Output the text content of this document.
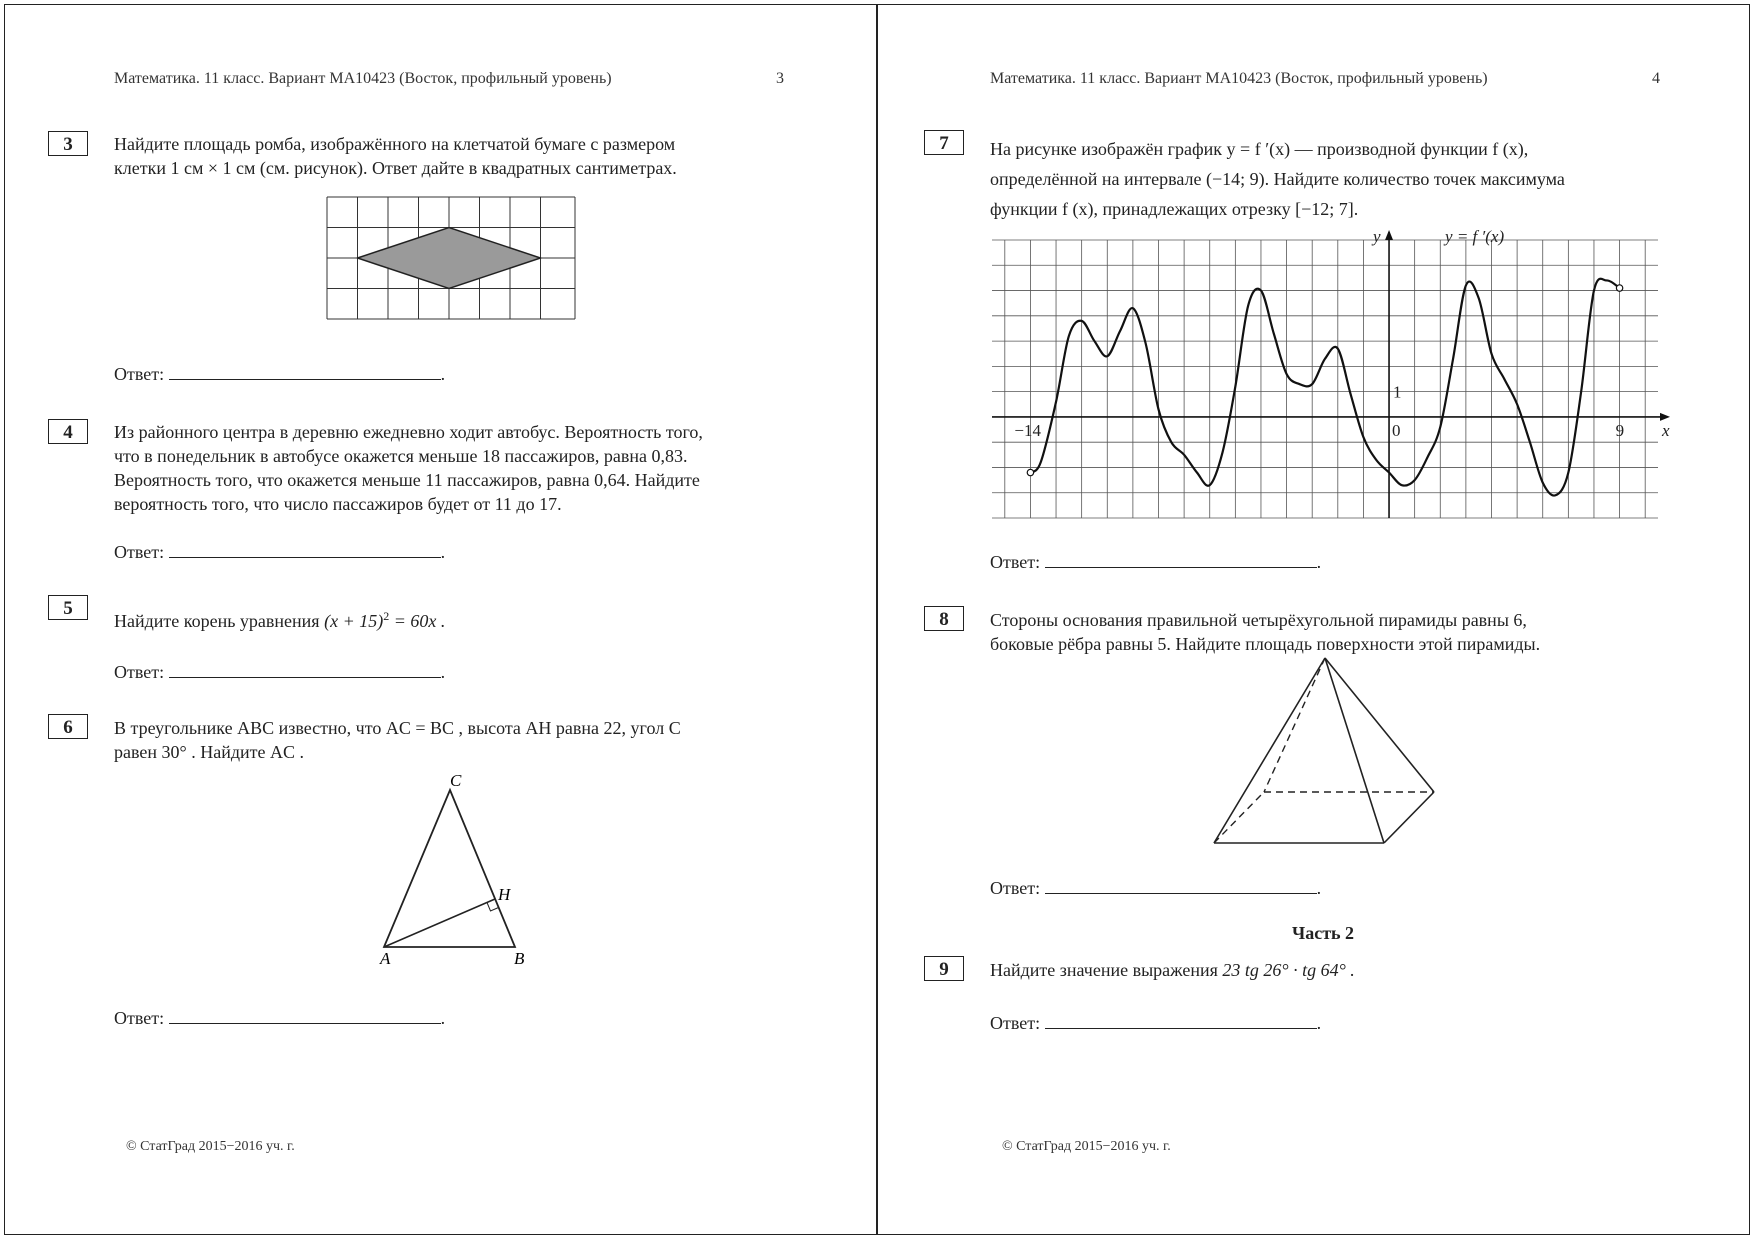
Математика. 11 класс. Вариант МА10423 (Восток, профильный уровень)	3
3	Найдите площадь ромба, изображённого на клетчатой бумаге с размером
клетки 1 см × 1 см (см. рисунок). Ответ дайте в квадратных сантиметрах.
Ответ:	.
4	Из районного центра в деревню ежедневно ходит автобус. Вероятность того,
что в понедельник в автобусе окажется меньше 18 пассажиров, равна 0,83.
Вероятность того, что окажется меньше 11 пассажиров, равна 0,64. Найдите
вероятность того, что число пассажиров будет от 11 до 17.
Ответ:	.
5
Найдите корень уравнения $(x + 15)^2 = 60x$ .
Ответ:	.
6	В треугольнике ABC известно, что AC = BC , высота AH равна 22, угол C
равен 30° . Найдите AC .
A	B
C
H
Ответ:	.
© СтатГрад 2015−2016 уч. г.
Математика. 11 класс. Вариант МА10423 (Восток, профильный уровень)	4
7	На рисунке изображён график y = f ′(x) — производной функции f (x),
определённой на интервале (−14; 9). Найдите количество точек максимума
функции f (x), принадлежащих отрезку [−12; 7].
x
y	y = f ′(x)
−14	0	9
1
Ответ:	.
8	Стороны основания правильной четырёхугольной пирамиды равны 6,
боковые рёбра равны 5. Найдите площадь поверхности этой пирамиды.
Ответ:	.
Часть 2
9	Найдите значение выражения 23 tg 26° · tg 64° .
Ответ:	.
© СтатГрад 2015−2016 уч. г.
